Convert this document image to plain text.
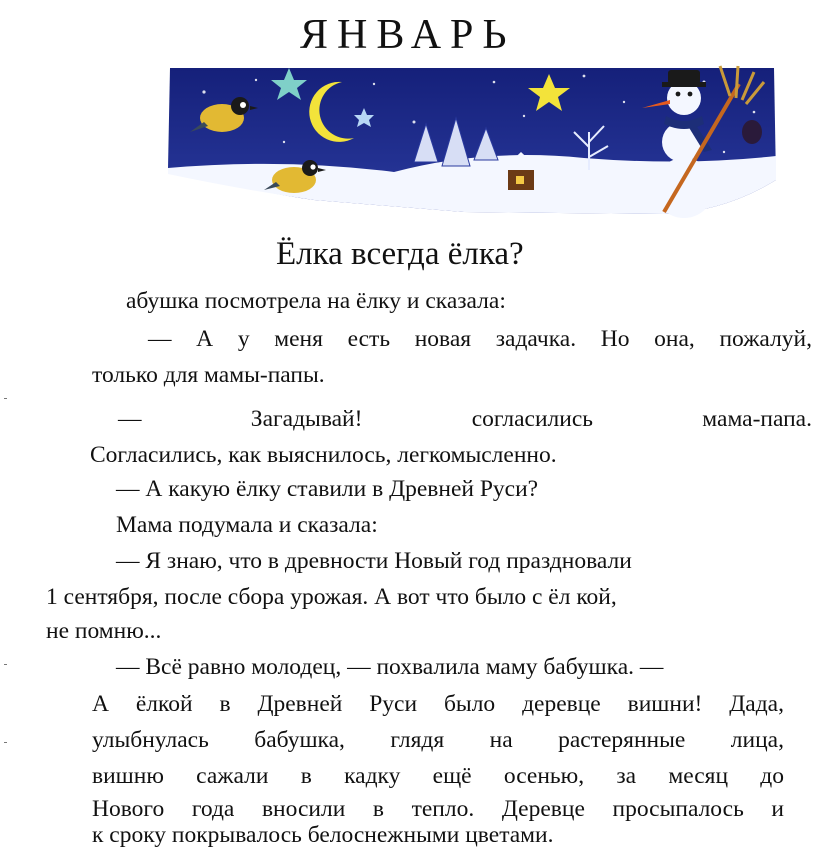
ЯНВАРЬ
Ёлка всегда ёлка?
абушка посмотрела на ёлку и сказала:
— А у меня есть новая задачка. Но она, пожалуй,
только для мамы-папы.
— Загадывай! согласились мама-папа.
Согласились, как выяснилось, легкомысленно.
— А какую ёлку ставили в Древней Руси?
Мама подумала и сказала:
— Я знаю, что в древности Новый год праздновали
1 сентября, после сбора урожая. А вот что было с ёл кой,
не помню...
— Всё равно молодец, — похвалила маму бабушка. —
А ёлкой в Древней Руси было деревце вишни! Дада,
улыбнулась бабушка, глядя на растерянные лица,
вишню сажали в кадку ещё осенью, за месяц до
Нового года вносили в тепло. Деревце просыпалось и
к сроку покрывалось белоснежными цветами.
